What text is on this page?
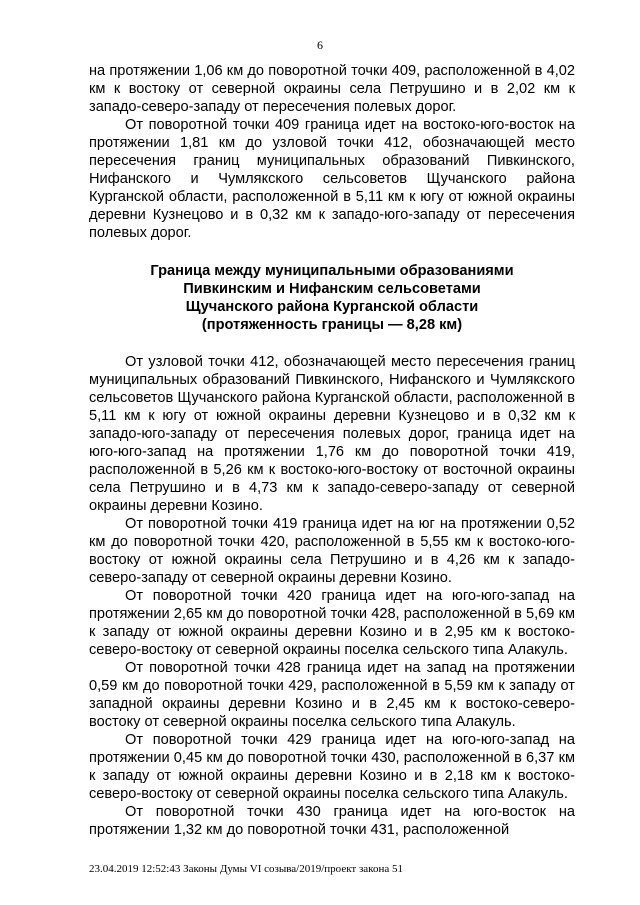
6

на протяжении 1,06 км до поворотной точки 409, расположенной в 4,02 км к востоку от северной окраины села Петрушино и в 2,02 км к западо-северо-западу от пересечения полевых дорог.

От поворотной точки 409 граница идет на востоко-юго-восток на протяжении 1,81 км до узловой точки 412, обозначающей место пересечения границ муниципальных образований Пивкинского, Нифанского и Чумлякского сельсоветов Щучанского района Курганской области, расположенной в 5,11 км к югу от южной окраины деревни Кузнецово и в 0,32 км к западо-юго-западу от пересечения полевых дорог.

Граница между муниципальными образованиями
Пивкинским и Нифанским сельсоветами
Щучанского района Курганской области
(протяженность границы — 8,28 км)

От узловой точки 412, обозначающей место пересечения границ муниципальных образований Пивкинского, Нифанского и Чумлякского сельсоветов Щучанского района Курганской области, расположенной в 5,11 км к югу от южной окраины деревни Кузнецово и в 0,32 км к западо-юго-западу от пересечения полевых дорог, граница идет на юго-юго-запад на протяжении 1,76 км до поворотной точки 419, расположенной в 5,26 км к востоко-юго-востоку от восточной окраины села Петрушино и в 4,73 км к западо-северо-западу от северной окраины деревни Козино.

От поворотной точки 419 граница идет на юг на протяжении 0,52 км до поворотной точки 420, расположенной в 5,55 км к востоко-юго-востоку от южной окраины села Петрушино и в 4,26 км к западо-северо-западу от северной окраины деревни Козино.

От поворотной точки 420 граница идет на юго-юго-запад на протяжении 2,65 км до поворотной точки 428, расположенной в 5,69 км к западу от южной окраины деревни Козино и в 2,95 км к востоко-северо-востоку от северной окраины поселка сельского типа Алакуль.

От поворотной точки 428 граница идет на запад на протяжении 0,59 км до поворотной точки 429, расположенной в 5,59 км к западу от западной окраины деревни Козино и в 2,45 км к востоко-северо-востоку от северной окраины поселка сельского типа Алакуль.

От поворотной точки 429 граница идет на юго-юго-запад на протяжении 0,45 км до поворотной точки 430, расположенной в 6,37 км к западу от южной окраины деревни Козино и в 2,18 км к востоко-северо-востоку от северной окраины поселка сельского типа Алакуль.

От поворотной точки 430 граница идет на юго-восток на протяжении 1,32 км до поворотной точки 431, расположенной

23.04.2019 12:52:43 Законы Думы VI созыва/2019/проект закона 51
